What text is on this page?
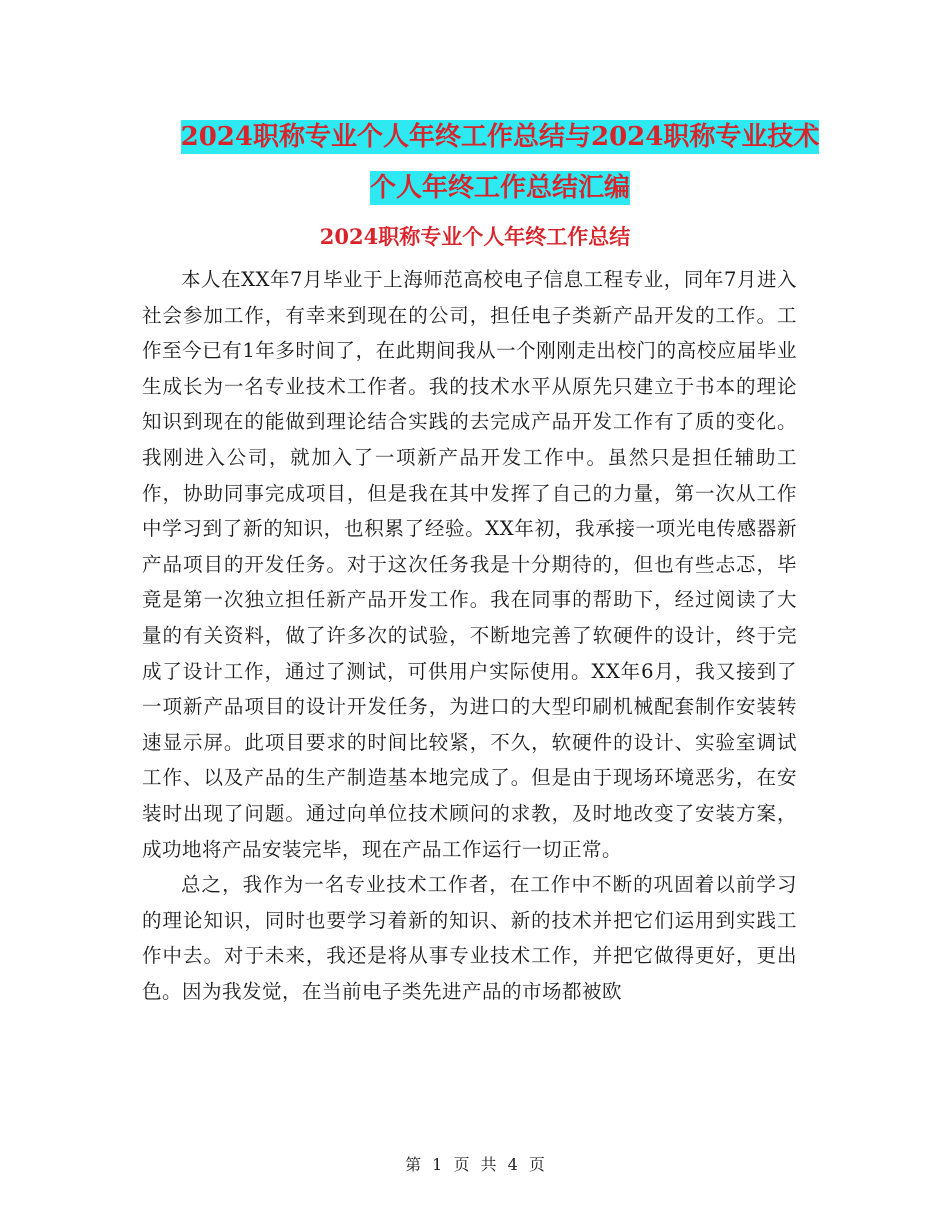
2024职称专业个人年终工作总结与2024职称专业技术
个人年终工作总结汇编
2024职称专业个人年终工作总结

本人在XX年7月毕业于上海师范高校电子信息工程专业，同年7月进入社会参加工作，有幸来到现在的公司，担任电子类新产品开发的工作。工作至今已有1年多时间了，在此期间我从一个刚刚走出校门的高校应届毕业生成长为一名专业技术工作者。我的技术水平从原先只建立于书本的理论知识到现在的能做到理论结合实践的去完成产品开发工作有了质的变化。我刚进入公司，就加入了一项新产品开发工作中。虽然只是担任辅助工作，协助同事完成项目，但是我在其中发挥了自己的力量，第一次从工作中学习到了新的知识，也积累了经验。XX年初，我承接一项光电传感器新产品项目的开发任务。对于这次任务我是十分期待的，但也有些忐忑，毕竟是第一次独立担任新产品开发工作。我在同事的帮助下，经过阅读了大量的有关资料，做了许多次的试验，不断地完善了软硬件的设计，终于完成了设计工作，通过了测试，可供用户实际使用。XX年6月，我又接到了一项新产品项目的设计开发任务，为进口的大型印刷机械配套制作安装转速显示屏。此项目要求的时间比较紧，不久，软硬件的设计、实验室调试工作、以及产品的生产制造基本地完成了。但是由于现场环境恶劣，在安装时出现了问题。通过向单位技术顾问的求教，及时地改变了安装方案，成功地将产品安装完毕，现在产品工作运行一切正常。

总之，我作为一名专业技术工作者，在工作中不断的巩固着以前学习的理论知识，同时也要学习着新的知识、新的技术并把它们运用到实践工作中去。对于未来，我还是将从事专业技术工作，并把它做得更好，更出色。因为我发觉，在当前电子类先进产品的市场都被欧

第 1 页 共 4 页
